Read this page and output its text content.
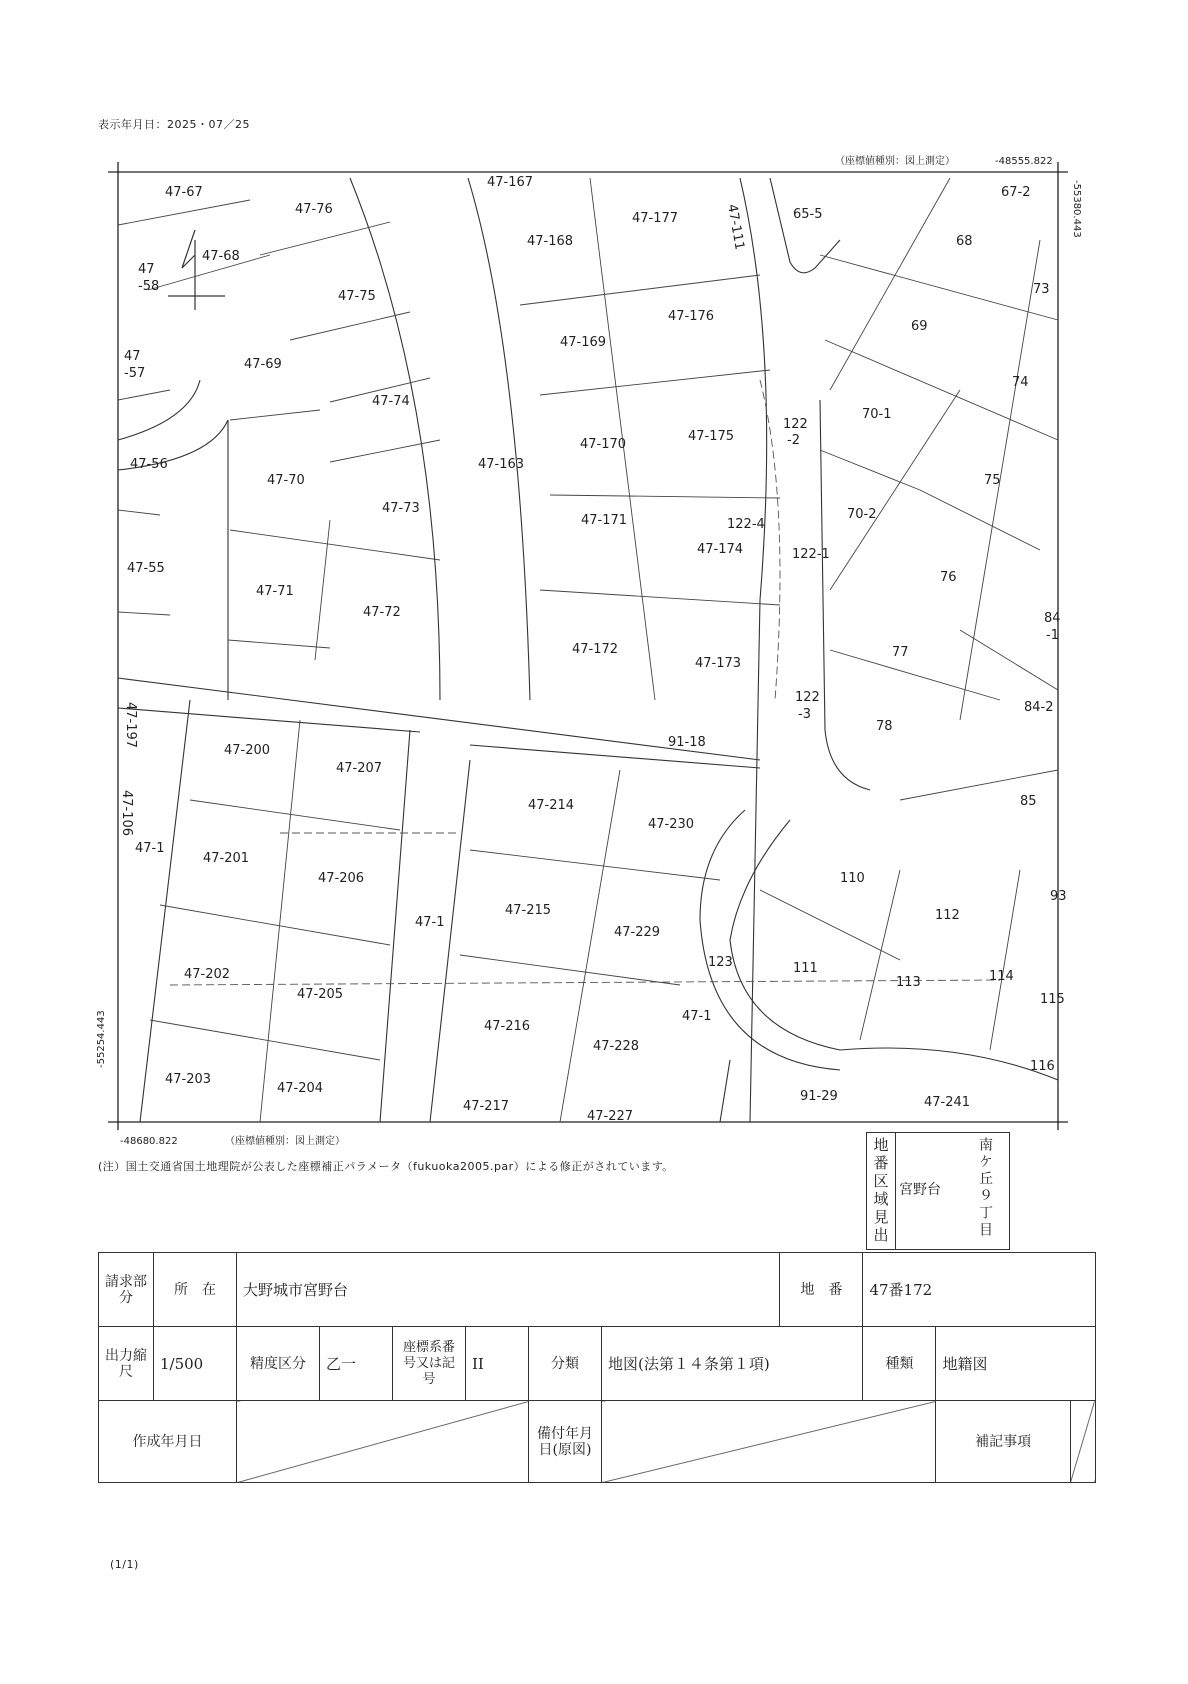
表示年月日：2025・07／25
（座標値種別：図上測定）	-48555.822
-55380.443
-48680.822	（座標値種別：図上測定）
-55254.443
47-67
47-76
47-167
47-177	47-111	65-5
67-2
47-68
47-168	68
47
-58
47-75
47-176
73
47-169
69
47
-57
47-69
47-74
74
70-1
122
-2
47-56
47-70
47-163
47-170
47-175
75
47-73
47-171	122-4
47-174	122-1
70-2
47-55
47-71
76
47-72	84
-1
47-172
47-173
77
122
-3	84-2
47-197	78
47-200
47-207
91-18
47-106	47-214	85
47-230
47-1
47-201
47-206	110
93
47-215	112
47-1
47-229
123	111
113	114
47-202
47-205	115
47-216
47-1
47-228
116
47-203
47-204
91-29	47-241
47-217
47-227
(注）国土交通省国土地理院が公表した座標補正パラメータ（fukuoka2005.par）による修正がされています。	地番区域見出 宮野台	南ケ丘９丁目
請求部分	所　在	大野城市宮野台						地　番	47番172		
出力縮尺	1/500	精度区分	乙一	座標系番号又は記号	II	分類	地図(法第１４条第１項)		種類	地籍図	
作成年月日						備付年月日(原図)				補記事項	
(1/1)
